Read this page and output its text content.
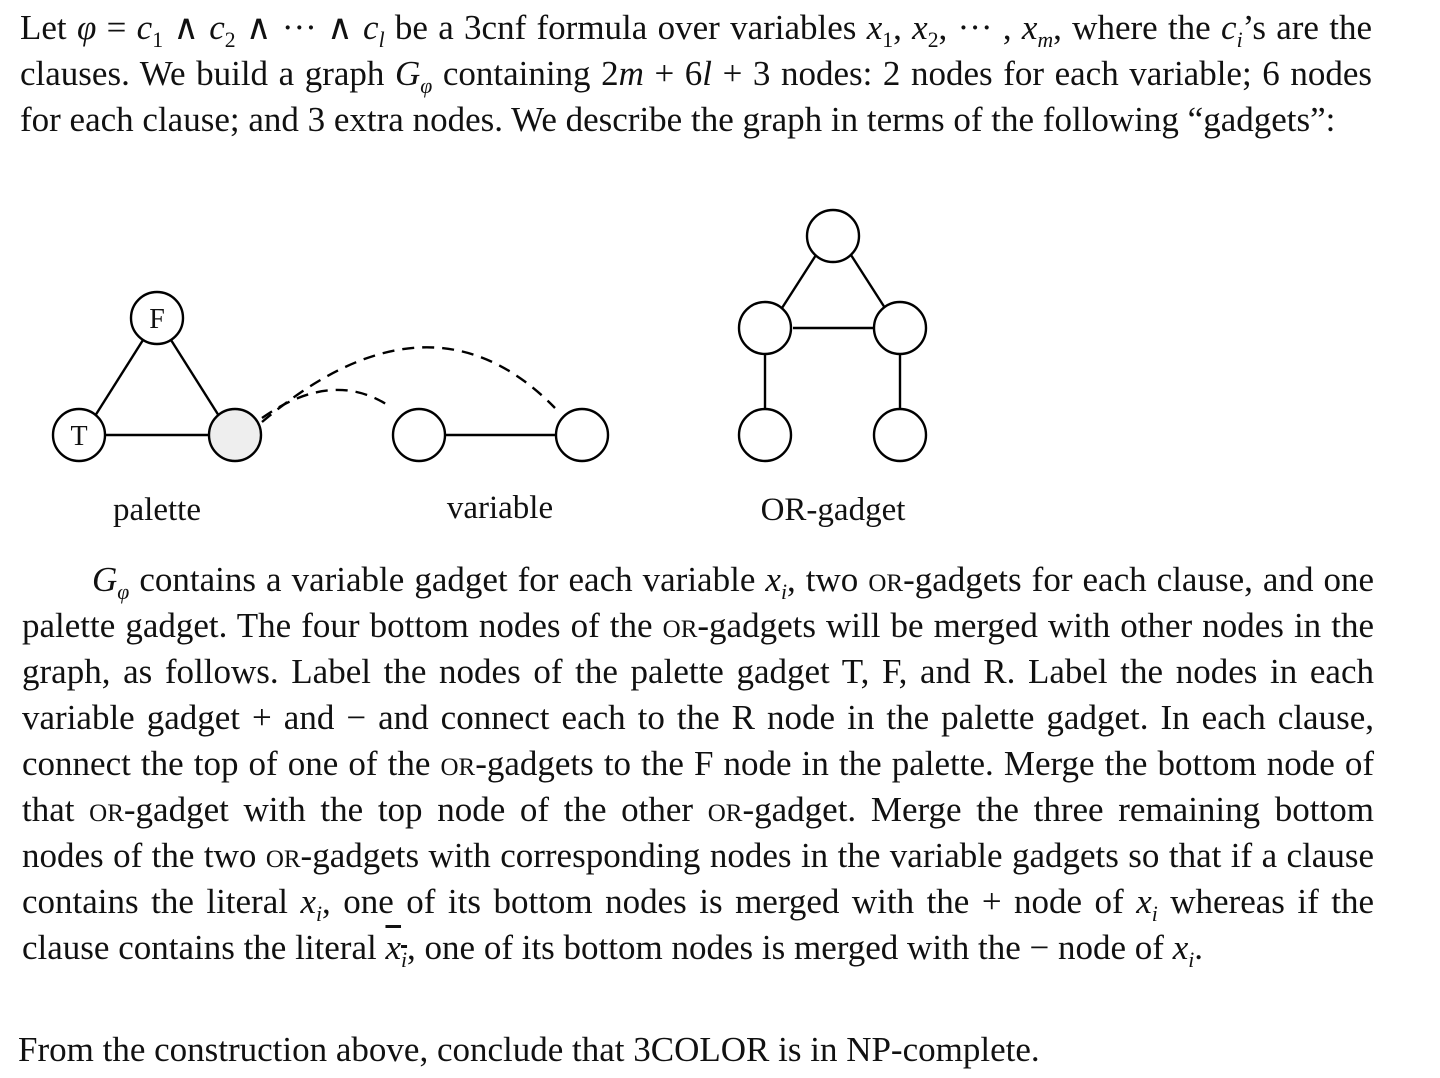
Let $\varphi = c_1$ ∧ $c_2$ ∧ ··· ∧ $c_l$ be a 3cnf formula over variables $x_1$, $x_2$, ··· , $x_m$, where the $c_i’s$ are the clauses. We build a graph $G_\varphi$ containing 2m + 6l + 3 nodes: 2 nodes for each variable; 6 nodes for each clause; and 3 extra nodes. We describe the graph in terms of the following “gadgets”:

T
F
palette	variable	OR-gadget

$G_\varphi$ contains a variable gadget for each variable $x_i$, two or-gadgets for each clause, and one palette gadget. The four bottom nodes of the or-gadgets will be merged with other nodes in the graph, as follows. Label the nodes of the palette gadget T, F, and R. Label the nodes in each variable gadget + and − and connect each to the R node in the palette gadget. In each clause, connect the top of one of the or-gadgets to the F node in the palette. Merge the bottom node of that or-gadget with the top node of the other or-gadget. Merge the three remaining bottom nodes of the two or-gadgets with corresponding nodes in the variable gadgets so that if a clause contains the literal $x_i$, one of its bottom nodes is merged with the + node of $x_i$ whereas if the clause contains the literal $x_i$, one of its bottom nodes is merged with the − node of $x_i$.

From the construction above, conclude that 3COLOR is in NP-complete.
